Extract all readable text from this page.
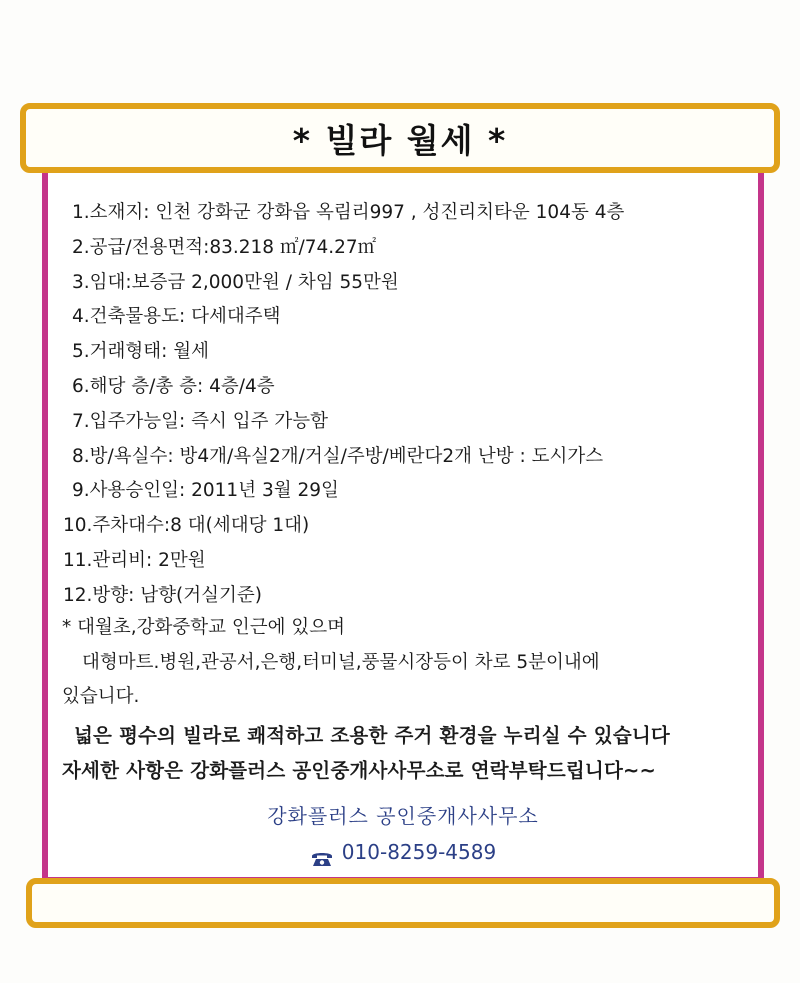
* 빌라 월세 *
1.소재지: 인천 강화군 강화읍 옥림리997 , 성진리치타운 104동 4층
2.공급/전용면적:83.218 ㎡/74.27㎡
3.임대:보증금 2,000만원 / 차임 55만원
4.건축물용도: 다세대주택
5.거래형태: 월세
6.해당 층/총 층: 4층/4층
7.입주가능일: 즉시 입주 가능함
8.방/욕실수: 방4개/욕실2개/거실/주방/베란다2개 난방 : 도시가스
9.사용승인일: 2011년 3월 29일
10.주차대수:8 대(세대당 1대)
11.관리비: 2만원
12.방향: 남향(거실기준)
* 대월초,강화중학교 인근에 있으며
대형마트.병원,관공서,은행,터미널,풍물시장등이 차로 5분이내에
있습니다.
넓은 평수의 빌라로 쾌적하고 조용한 주거 환경을 누리실 수 있습니다
자세한 사항은 강화플러스 공인중개사사무소로 연락부탁드립니다~~
강화플러스 공인중개사사무소
010-8259-4589
